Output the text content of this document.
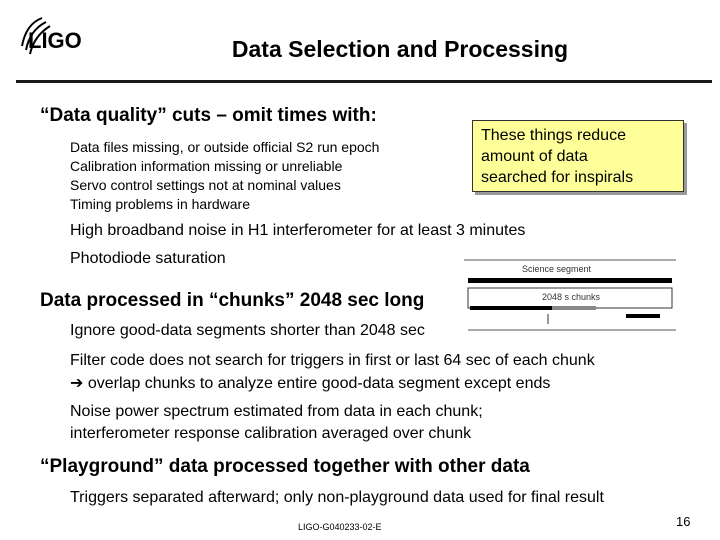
LIGO	Data Selection and Processing
“Data quality” cuts – omit times with:
Data files missing, or outside official S2 run epoch
Calibration information missing or unreliable
Servo control settings not at nominal values
Timing problems in hardware
These things reduce
amount of data
searched for inspirals
High broadband noise in H1 interferometer for at least 3 minutes
Photodiode saturation
Data processed in “chunks” 2048 sec long
Science segment
2048 s chunks
Ignore good-data segments shorter than 2048 sec
Filter code does not search for triggers in first or last 64 sec of each chunk
➔ overlap chunks to analyze entire good-data segment except ends
Noise power spectrum estimated from data in each chunk;
interferometer response calibration averaged over chunk
“Playground” data processed together with other data
Triggers separated afterward; only non-playground data used for final result
LIGO-G040233-02-E	16
